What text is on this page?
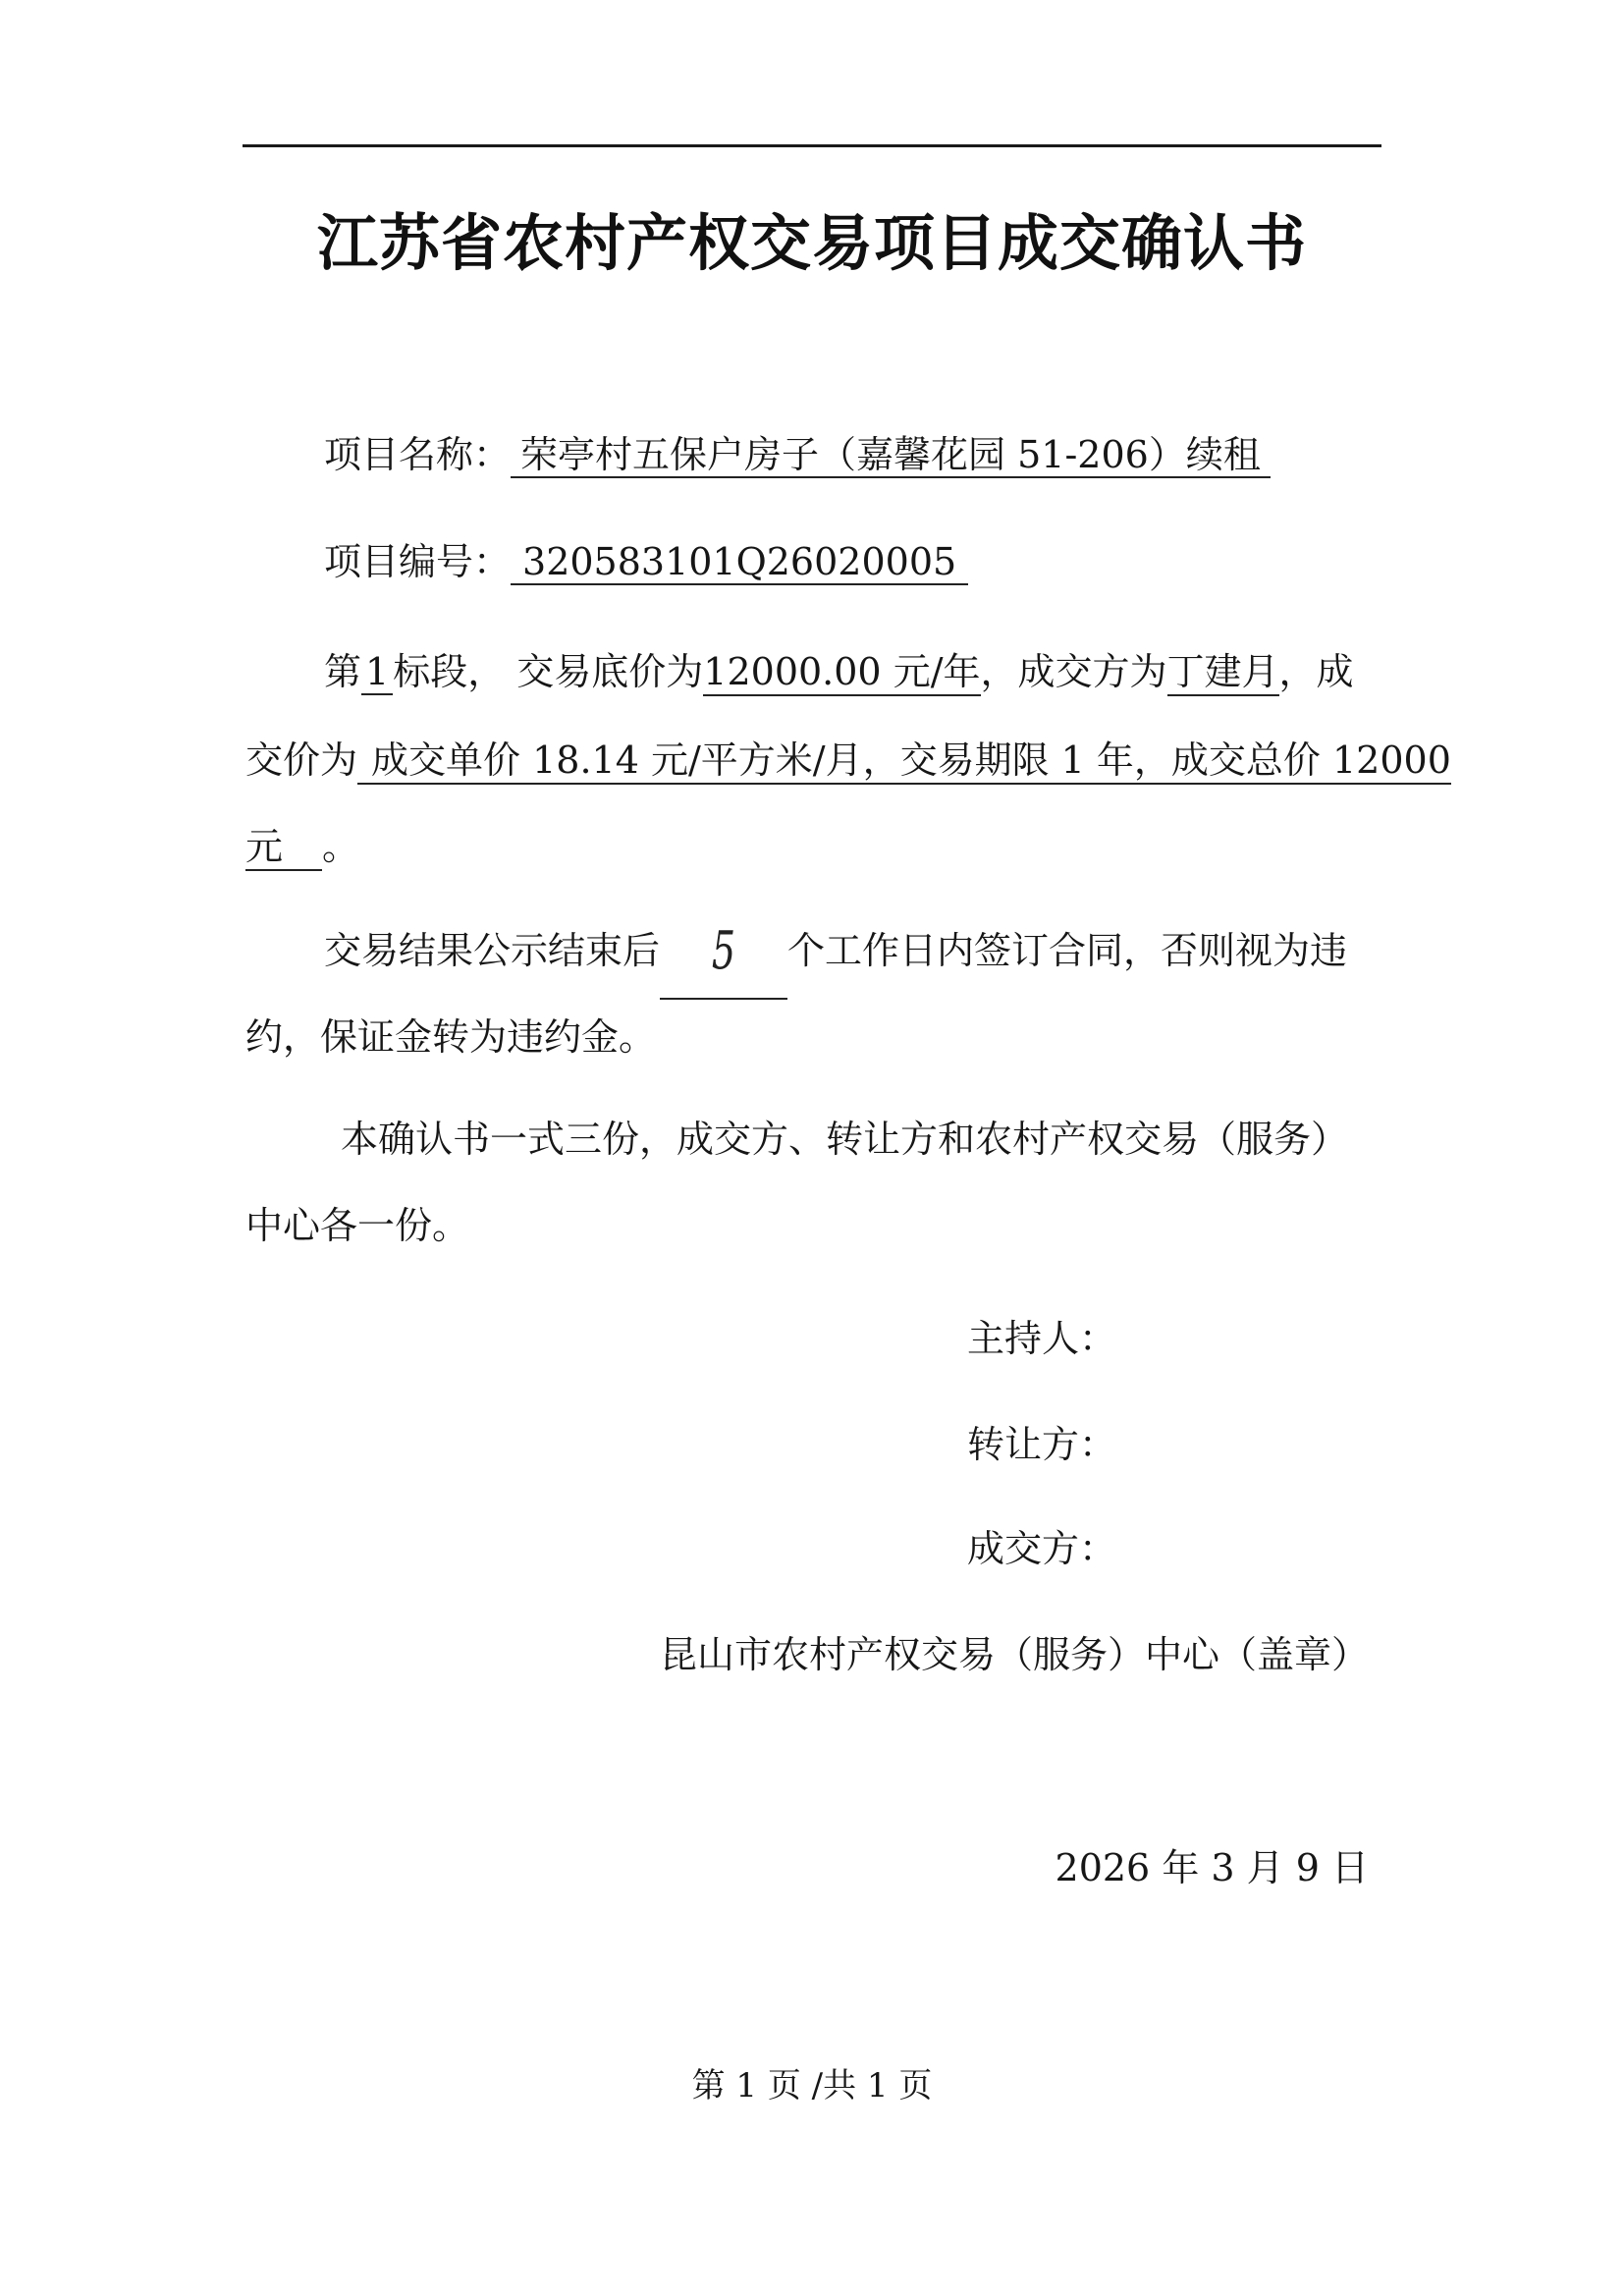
江苏省农村产权交易项目成交确认书
项目名称： 荣亭村五保户房子（嘉馨花园 51-206）续租
项目编号： 320583101Q26020005
第 1 标段， 交易底价为12000.00 元/年，成交方为丁建月，成
交价为 成交单价 18.14 元/平方米/月，交易期限 1 年，成交总价 12000
元 。
交易结果公示结束后 5 个工作日内签订合同，否则视为违
约，保证金转为违约金。
本确认书一式三份，成交方、转让方和农村产权交易（服务）
中心各一份。
主持人：
转让方：
成交方：
昆山市农村产权交易（服务）中心（盖章）
2026 年 3 月 9 日
第 1 页 /共 1 页
